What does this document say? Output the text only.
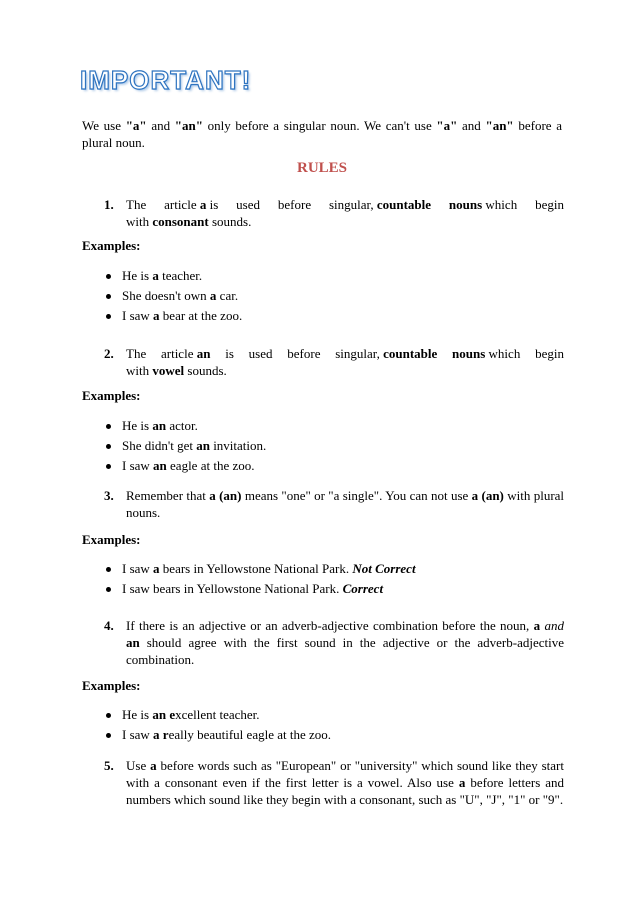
IMPORTANT!

We use "a" and "an" only before a singular noun. We can't use "a" and "an" before a plural noun.

RULES
1. The article a is used before singular, countable nouns which begin
with consonant sounds.

Examples:

He is a teacher.
She doesn't own a car.
I saw a bear at the zoo.
2. The article an is used before singular, countable nouns which begin
with vowel sounds.

Examples:

He is an actor.
She didn't get an invitation.
I saw an eagle at the zoo.
3. Remember that a (an) means "one" or "a single". You can not use a (an) with plural nouns.

Examples:

I saw a bears in Yellowstone National Park. Not Correct
I saw bears in Yellowstone National Park. Correct
4. If there is an adjective or an adverb-adjective combination before the noun, a and an should agree with the first sound in the adjective or the adverb-adjective combination.

Examples:

He is an excellent teacher.
I saw a really beautiful eagle at the zoo.
5. Use a before words such as "European" or "university" which sound like they start with a consonant even if the first letter is a vowel. Also use a before letters and numbers which sound like they begin with a consonant, such as "U", "J", "1" or "9".
